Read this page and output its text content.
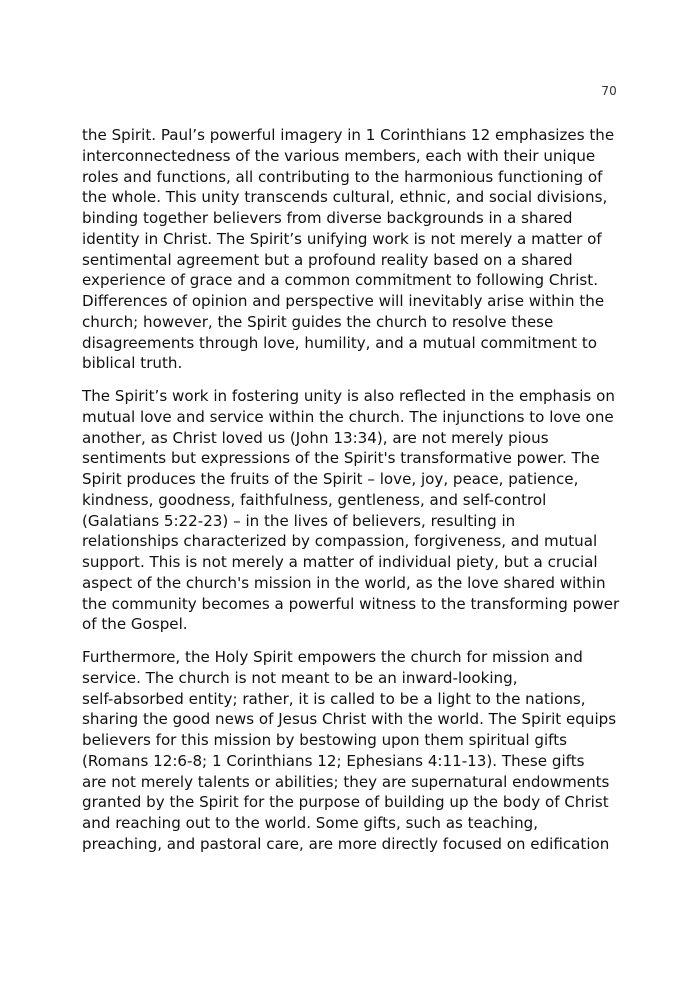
70

the Spirit. Paul’s powerful imagery in 1 Corinthians 12 emphasizes the
interconnectedness of the various members, each with their unique
roles and functions, all contributing to the harmonious functioning of
the whole. This unity transcends cultural, ethnic, and social divisions,
binding together believers from diverse backgrounds in a shared
identity in Christ. The Spirit’s unifying work is not merely a matter of
sentimental agreement but a profound reality based on a shared
experience of grace and a common commitment to following Christ.
Differences of opinion and perspective will inevitably arise within the
church; however, the Spirit guides the church to resolve these
disagreements through love, humility, and a mutual commitment to
biblical truth.

The Spirit’s work in fostering unity is also reflected in the emphasis on
mutual love and service within the church. The injunctions to love one
another, as Christ loved us (John 13:34), are not merely pious
sentiments but expressions of the Spirit's transformative power. The
Spirit produces the fruits of the Spirit – love, joy, peace, patience,
kindness, goodness, faithfulness, gentleness, and self-control
(Galatians 5:22-23) – in the lives of believers, resulting in
relationships characterized by compassion, forgiveness, and mutual
support. This is not merely a matter of individual piety, but a crucial
aspect of the church's mission in the world, as the love shared within
the community becomes a powerful witness to the transforming power
of the Gospel.

Furthermore, the Holy Spirit empowers the church for mission and
service. The church is not meant to be an inward-looking,
self-absorbed entity; rather, it is called to be a light to the nations,
sharing the good news of Jesus Christ with the world. The Spirit equips
believers for this mission by bestowing upon them spiritual gifts
(Romans 12:6-8; 1 Corinthians 12; Ephesians 4:11-13). These gifts
are not merely talents or abilities; they are supernatural endowments
granted by the Spirit for the purpose of building up the body of Christ
and reaching out to the world. Some gifts, such as teaching,
preaching, and pastoral care, are more directly focused on edification
